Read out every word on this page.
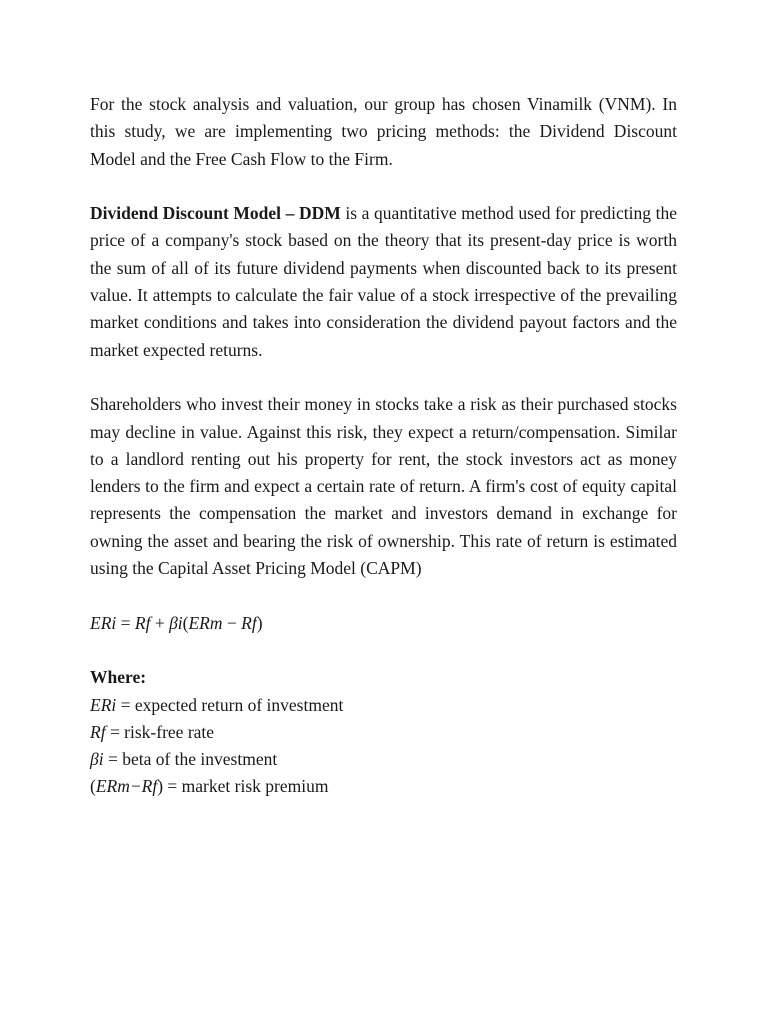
For the stock analysis and valuation, our group has chosen Vinamilk (VNM). In this study, we are implementing two pricing methods: the Dividend Discount Model and the Free Cash Flow to the Firm.

Dividend Discount Model – DDM is a quantitative method used for predicting the price of a company's stock based on the theory that its present-day price is worth the sum of all of its future dividend payments when discounted back to its present value. It attempts to calculate the fair value of a stock irrespective of the prevailing market conditions and takes into consideration the dividend payout factors and the market expected returns.

Shareholders who invest their money in stocks take a risk as their purchased stocks may decline in value. Against this risk, they expect a return/compensation. Similar to a landlord renting out his property for rent, the stock investors act as money lenders to the firm and expect a certain rate of return. A firm's cost of equity capital represents the compensation the market and investors demand in exchange for owning the asset and bearing the risk of ownership. This rate of return is estimated using the Capital Asset Pricing Model (CAPM)

ERi = Rf + βi(ERm − Rf)

Where:

ERi = expected return of investment

Rf = risk-free rate

βi = beta of the investment

(ERm−Rf) = market risk premium
